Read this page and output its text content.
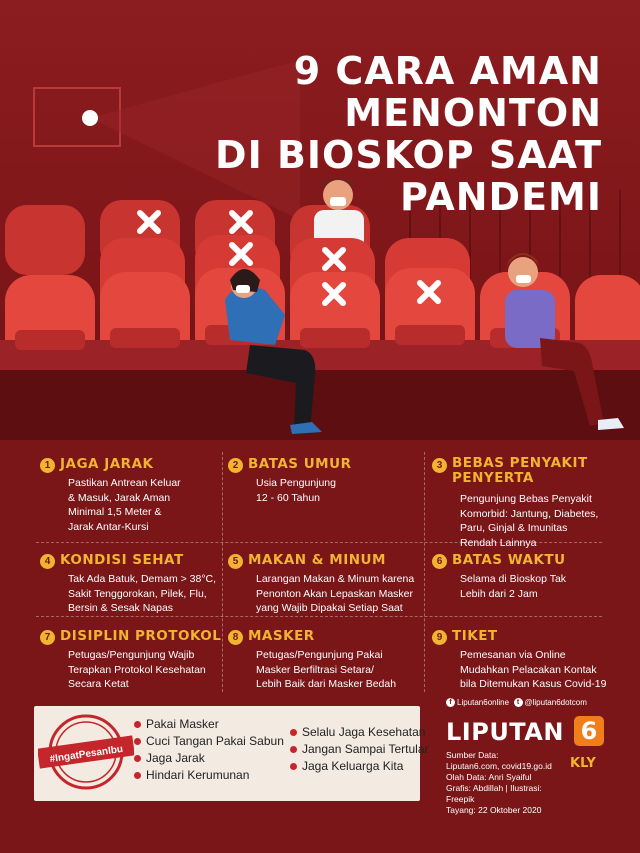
9 CARA AMAN
MENONTON
DI BIOSKOP SAAT
PANDEMI
1 JAGA JARAK
Pastikan Antrean Keluar
& Masuk, Jarak Aman
Minimal 1,5 Meter &
Jarak Antar-Kursi
2 BATAS UMUR
Usia Pengunjung
12 - 60 Tahun
3 BEBAS PENYAKIT
PENYERTA
Pengunjung Bebas Penyakit
Komorbid: Jantung, Diabetes,
Paru, Ginjal & Imunitas
Rendah Lainnya
4 KONDISI SEHAT
Tak Ada Batuk, Demam > 38°C,
Sakit Tenggorokan, Pilek, Flu,
Bersin & Sesak Napas
5 MAKAN & MINUM
Larangan Makan & Minum karena
Penonton Akan Lepaskan Masker
yang Wajib Dipakai Setiap Saat
6 BATAS WAKTU
Selama di Bioskop Tak
Lebih dari 2 Jam
7 DISIPLIN PROTOKOL
Petugas/Pengunjung Wajib
Terapkan Protokol Kesehatan
Secara Ketat
8 MASKER
Petugas/Pengunjung Pakai
Masker Berfiltrasi Setara/
Lebih Baik dari Masker Bedah
9 TIKET
Pemesanan via Online
Mudahkan Pelacakan Kontak
bila Ditemukan Kasus Covid-19
#IngatPesanIbu
Pakai Masker
Cuci Tangan Pakai Sabun
Jaga Jarak
Hindari Kerumunan
Selalu Jaga Kesehatan
Jangan Sampai Tertular
Jaga Keluarga Kita
f Liputan6online t @liputan6dotcom
LIPUTAN 6
Sumber Data:
Liputan6.com, covid19.go.id
Olah Data: Anri Syaiful
Grafis: Abdillah | Ilustrasi: Freepik
Tayang: 22 Oktober 2020
KLY
